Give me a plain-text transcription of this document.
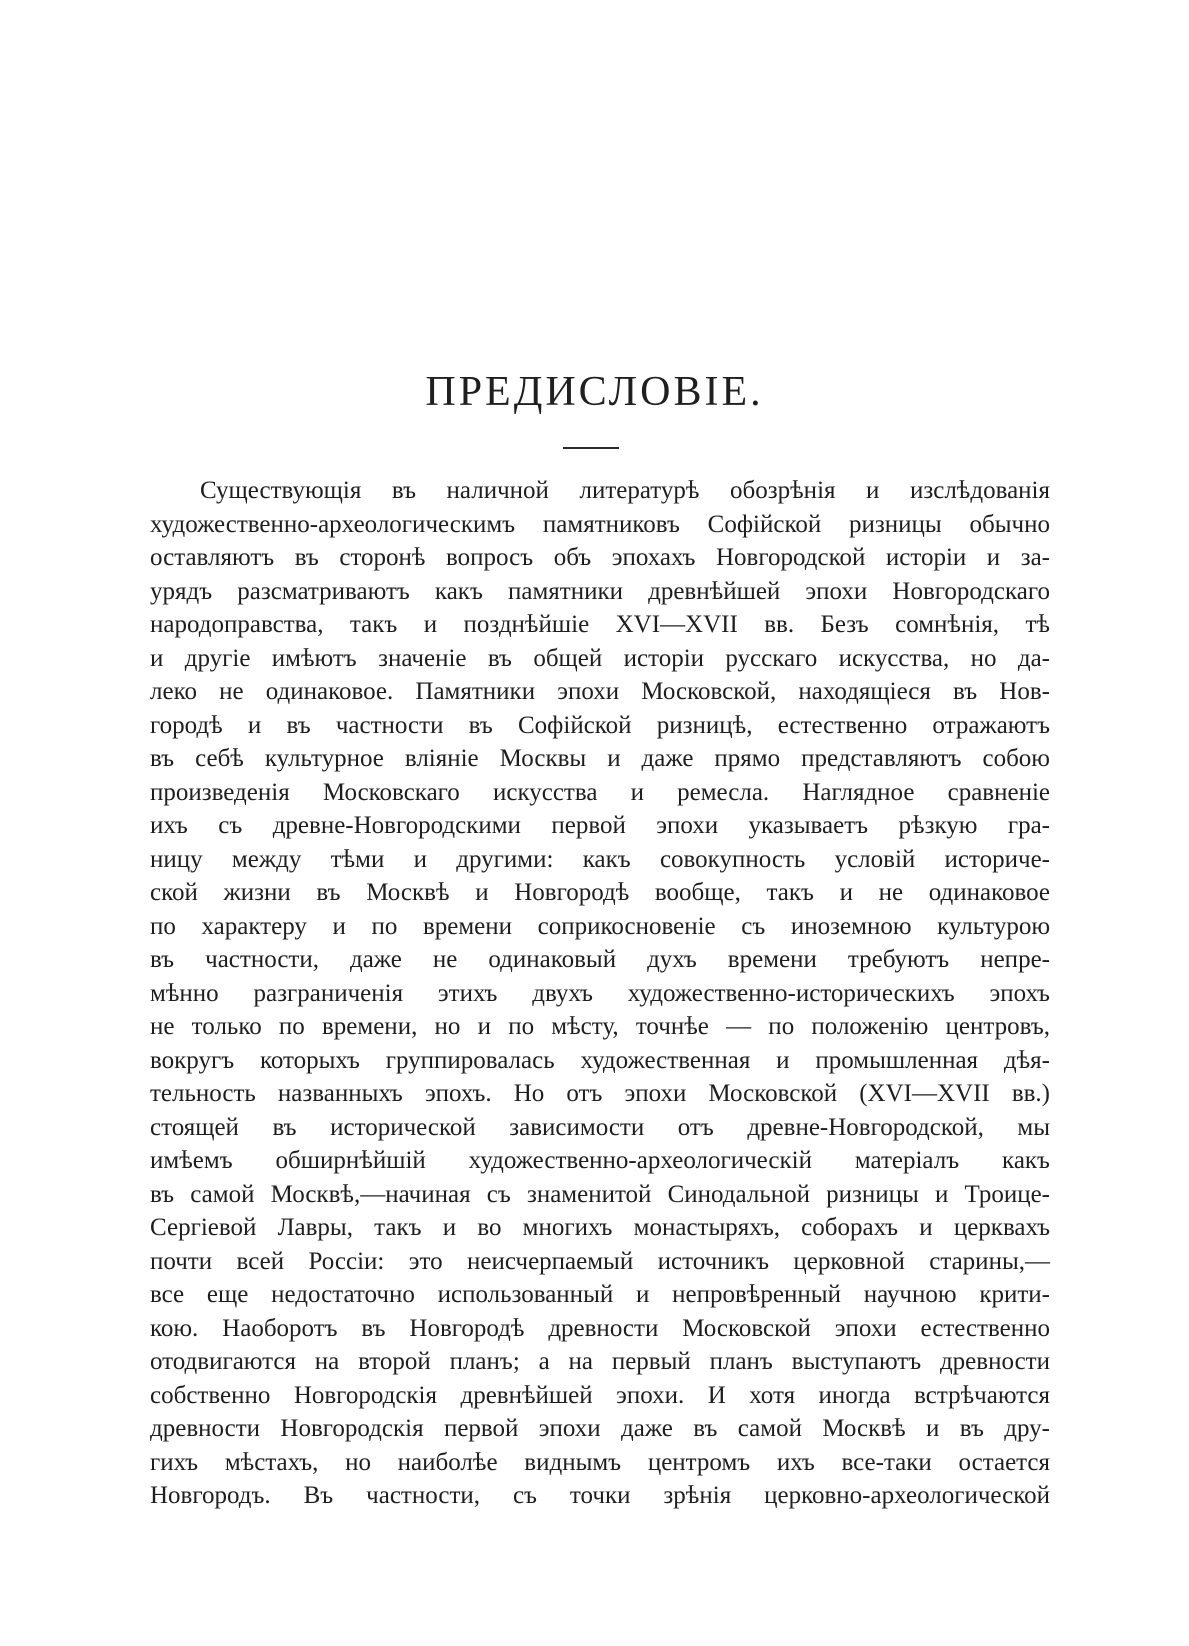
ПРЕДИСЛОВІЕ.
Существующія въ наличной литературѣ обозрѣнія и изслѣдованія
художественно-археологическимъ памятниковъ Софійской ризницы обычно
оставляютъ въ сторонѣ вопросъ объ эпохахъ Новгородской исторіи и за-
урядъ разсматриваютъ какъ памятники древнѣйшей эпохи Новгородскаго
народоправства, такъ и позднѣйшіе XVI—XVII вв. Безъ сомнѣнія, тѣ
и другіе имѣютъ значеніе въ общей исторіи русскаго искусства, но да-
леко не одинаковое. Памятники эпохи Московской, находящіеся въ Нов-
городѣ и въ частности въ Софійской ризницѣ, естественно отражаютъ
въ себѣ культурное вліяніе Москвы и даже прямо представляютъ собою
произведенія Московскаго искусства и ремесла. Наглядное сравненіе
ихъ съ древне-Новгородскими первой эпохи указываетъ рѣзкую гра-
ницу между тѣми и другими: какъ совокупность условій историче-
ской жизни въ Москвѣ и Новгородѣ вообще, такъ и не одинаковое
по характеру и по времени соприкосновеніе съ иноземною культурою
въ частности, даже не одинаковый духъ времени требуютъ непре-
мѣнно разграниченія этихъ двухъ художественно-историческихъ эпохъ
не только по времени, но и по мѣсту, точнѣе — по положенію центровъ,
вокругъ которыхъ группировалась художественная и промышленная дѣя-
тельность названныхъ эпохъ. Но отъ эпохи Московской (XVI—XVII вв.)
стоящей въ исторической зависимости отъ древне-Новгородской, мы
имѣемъ обширнѣйшій художественно-археологическій матеріалъ какъ
въ самой Москвѣ,—начиная съ знаменитой Синодальной ризницы и Троице-
Сергіевой Лавры, такъ и во многихъ монастыряхъ, соборахъ и церквахъ
почти всей Россіи: это неисчерпаемый источникъ церковной старины,—
все еще недостаточно использованный и непровѣренный научною крити-
кою. Наоборотъ въ Новгородѣ древности Московской эпохи естественно
отодвигаются на второй планъ; а на первый планъ выступаютъ древности
собственно Новгородскія древнѣйшей эпохи. И хотя иногда встрѣчаются
древности Новгородскія первой эпохи даже въ самой Москвѣ и въ дру-
гихъ мѣстахъ, но наиболѣе виднымъ центромъ ихъ все-таки остается
Новгородъ. Въ частности, съ точки зрѣнія церковно-археологической
